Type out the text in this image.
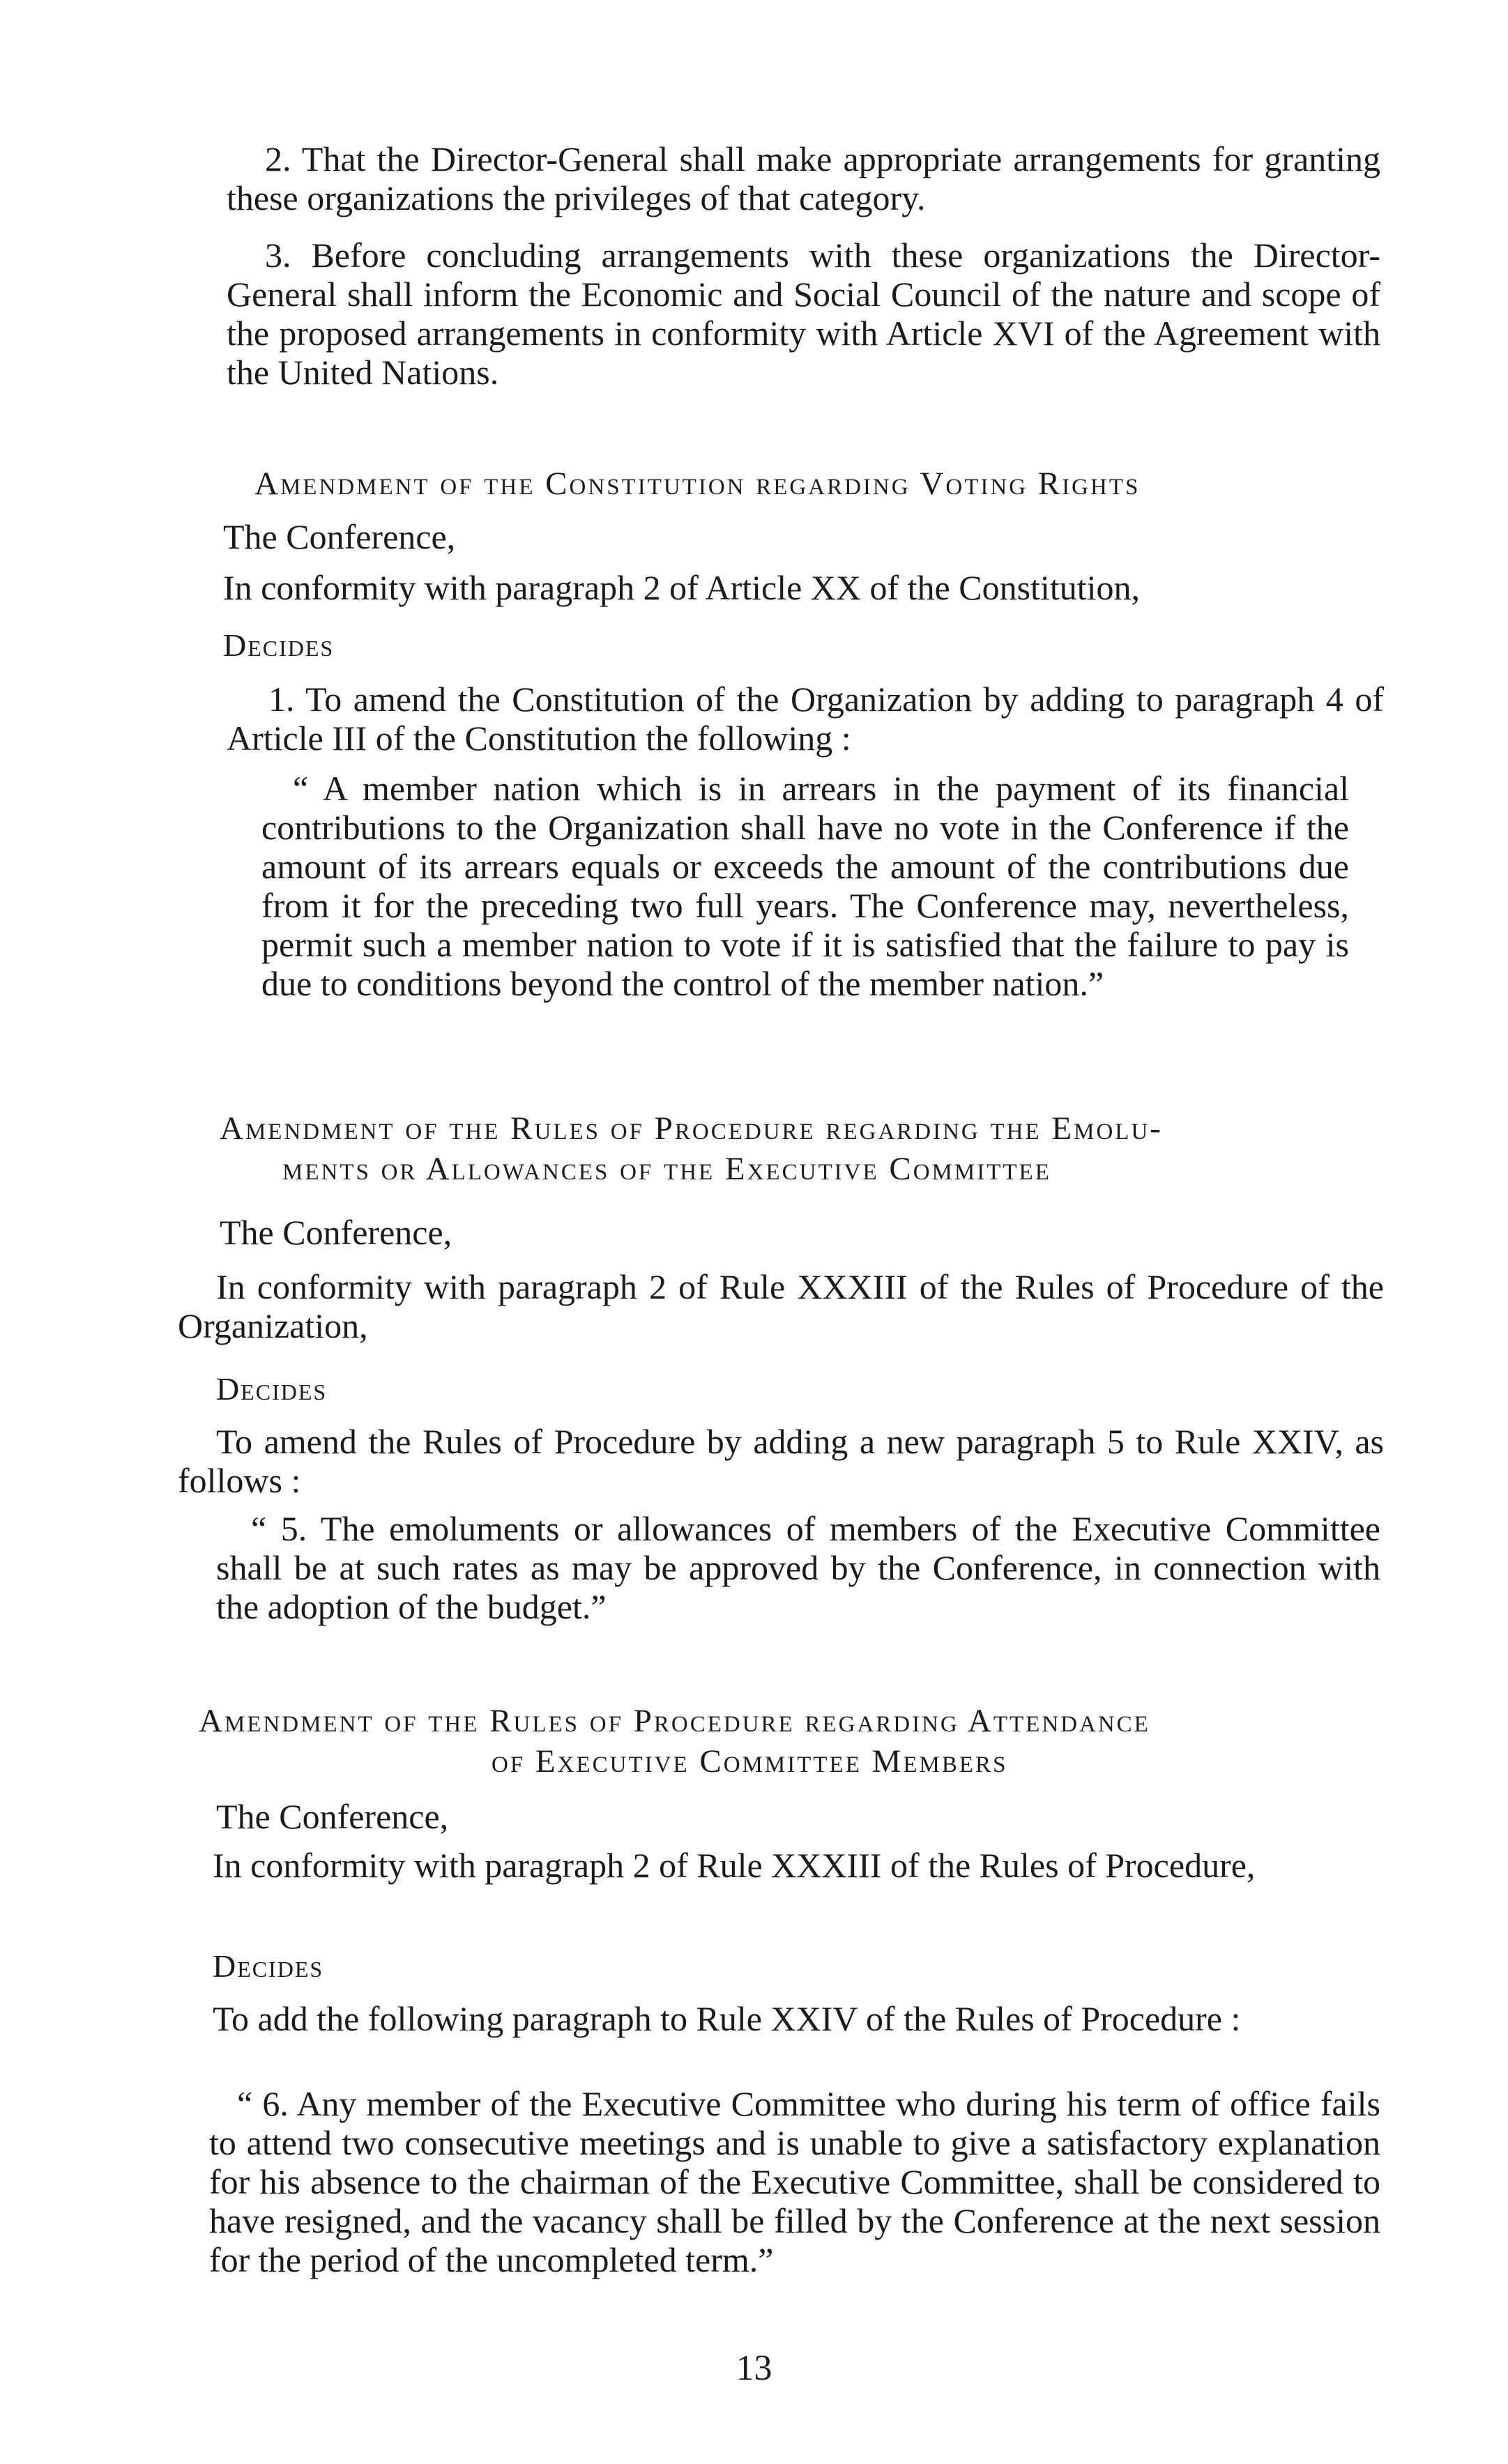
2. That the Director-General shall make appropriate arrangements for granting these organizations the privileges of that category.

3. Before concluding arrangements with these organizations the Director-General shall inform the Economic and Social Council of the nature and scope of the proposed arrangements in conformity with Article XVI of the Agreement with the United Nations.

Amendment of the Constitution regarding Voting Rights

The Conference,

In conformity with paragraph 2 of Article XX of the Constitution,

Decides

1. To amend the Constitution of the Organization by adding to paragraph 4 of Article III of the Constitution the following :

“ A member nation which is in arrears in the payment of its financial contributions to the Organization shall have no vote in the Conference if the amount of its arrears equals or exceeds the amount of the contributions due from it for the preceding two full years. The Conference may, nevertheless, permit such a member nation to vote if it is satisfied that the failure to pay is due to conditions beyond the control of the member nation.”

Amendment of the Rules of Procedure regarding the Emolu-

ments or Allowances of the Executive Committee

The Conference,

In conformity with paragraph 2 of Rule XXXIII of the Rules of Procedure of the Organization,

Decides

To amend the Rules of Procedure by adding a new paragraph 5 to Rule XXIV, as follows :

“ 5. The emoluments or allowances of members of the Executive Committee shall be at such rates as may be approved by the Conference, in connection with the adoption of the budget.”

Amendment of the Rules of Procedure regarding Attendance

of Executive Committee Members

The Conference,

In conformity with paragraph 2 of Rule XXXIII of the Rules of Procedure,

Decides

To add the following paragraph to Rule XXIV of the Rules of Procedure :

“ 6. Any member of the Executive Committee who during his term of office fails to attend two consecutive meetings and is unable to give a satisfactory explanation for his absence to the chairman of the Executive Committee, shall be considered to have resigned, and the vacancy shall be filled by the Conference at the next session for the period of the uncompleted term.”

13
